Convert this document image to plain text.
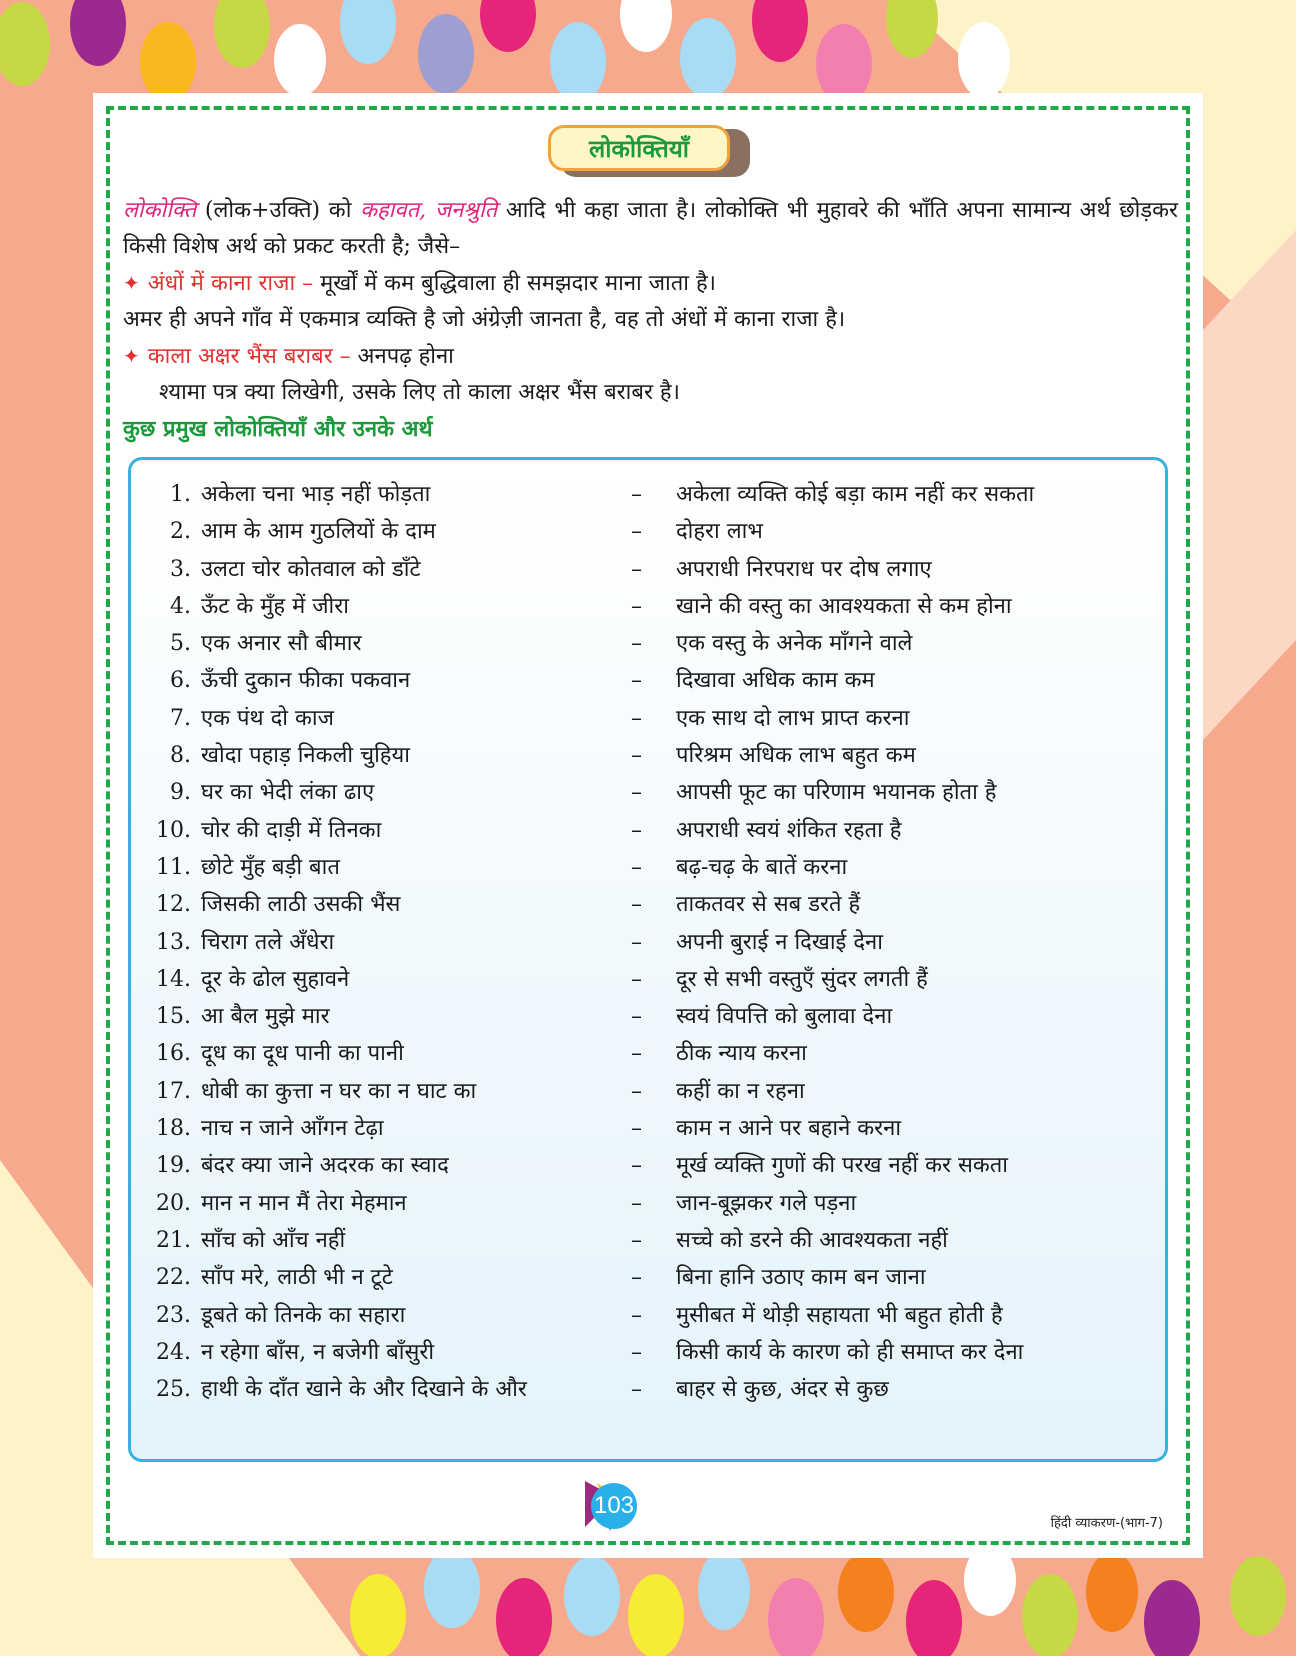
लोकोक्तियाँ

लोकोक्ति (लोक+उक्ति) को कहावत, जनश्रुति आदि भी कहा जाता है। लोकोक्ति भी मुहावरे की भाँति अपना सामान्य अर्थ छोड़कर किसी विशेष अर्थ को प्रकट करती है; जैसे–

✦ अंधों में काना राजा – मूर्खों में कम बुद्धिवाला ही समझदार माना जाता है।

अमर ही अपने गाँव में एकमात्र व्यक्ति है जो अंग्रेज़ी जानता है, वह तो अंधों में काना राजा है।

✦ काला अक्षर भैंस बराबर – अनपढ़ होना

श्यामा पत्र क्या लिखेगी, उसके लिए तो काला अक्षर भैंस बराबर है।

कुछ प्रमुख लोकोक्तियाँ और उनके अर्थ
1. अकेला चना भाड़ नहीं फोड़ता	– अकेला व्यक्ति कोई बड़ा काम नहीं कर सकता
2. आम के आम गुठलियों के दाम	– दोहरा लाभ
3. उलटा चोर कोतवाल को डाँटे	– अपराधी निरपराध पर दोष लगाए
4. ऊँट के मुँह में जीरा	– खाने की वस्तु का आवश्यकता से कम होना
5. एक अनार सौ बीमार	– एक वस्तु के अनेक माँगने वाले
6. ऊँची दुकान फीका पकवान	– दिखावा अधिक काम कम
7. एक पंथ दो काज	– एक साथ दो लाभ प्राप्त करना
8. खोदा पहाड़ निकली चुहिया	– परिश्रम अधिक लाभ बहुत कम
9. घर का भेदी लंका ढाए	– आपसी फूट का परिणाम भयानक होता है
10. चोर की दाड़ी में तिनका	– अपराधी स्वयं शंकित रहता है
11. छोटे मुँह बड़ी बात	– बढ़-चढ़ के बातें करना
12. जिसकी लाठी उसकी भैंस	– ताकतवर से सब डरते हैं
13. चिराग तले अँधेरा	– अपनी बुराई न दिखाई देना
14. दूर के ढोल सुहावने	– दूर से सभी वस्तुएँ सुंदर लगती हैं
15. आ बैल मुझे मार	– स्वयं विपत्ति को बुलावा देना
16. दूध का दूध पानी का पानी	– ठीक न्याय करना
17. धोबी का कुत्ता न घर का न घाट का	– कहीं का न रहना
18. नाच न जाने आँगन टेढ़ा	– काम न आने पर बहाने करना
19. बंदर क्या जाने अदरक का स्वाद	– मूर्ख व्यक्ति गुणों की परख नहीं कर सकता
20. मान न मान मैं तेरा मेहमान	– जान-बूझकर गले पड़ना
21. साँच को आँच नहीं	– सच्चे को डरने की आवश्यकता नहीं
22. साँप मरे, लाठी भी न टूटे	– बिना हानि उठाए काम बन जाना
23. डूबते को तिनके का सहारा	– मुसीबत में थोड़ी सहायता भी बहुत होती है
24. न रहेगा बाँस, न बजेगी बाँसुरी	– किसी कार्य के कारण को ही समाप्त कर देना
25. हाथी के दाँत खाने के और दिखाने के और	– बाहर से कुछ, अंदर से कुछ
103
हिंदी व्याकरण-(भाग-7)
